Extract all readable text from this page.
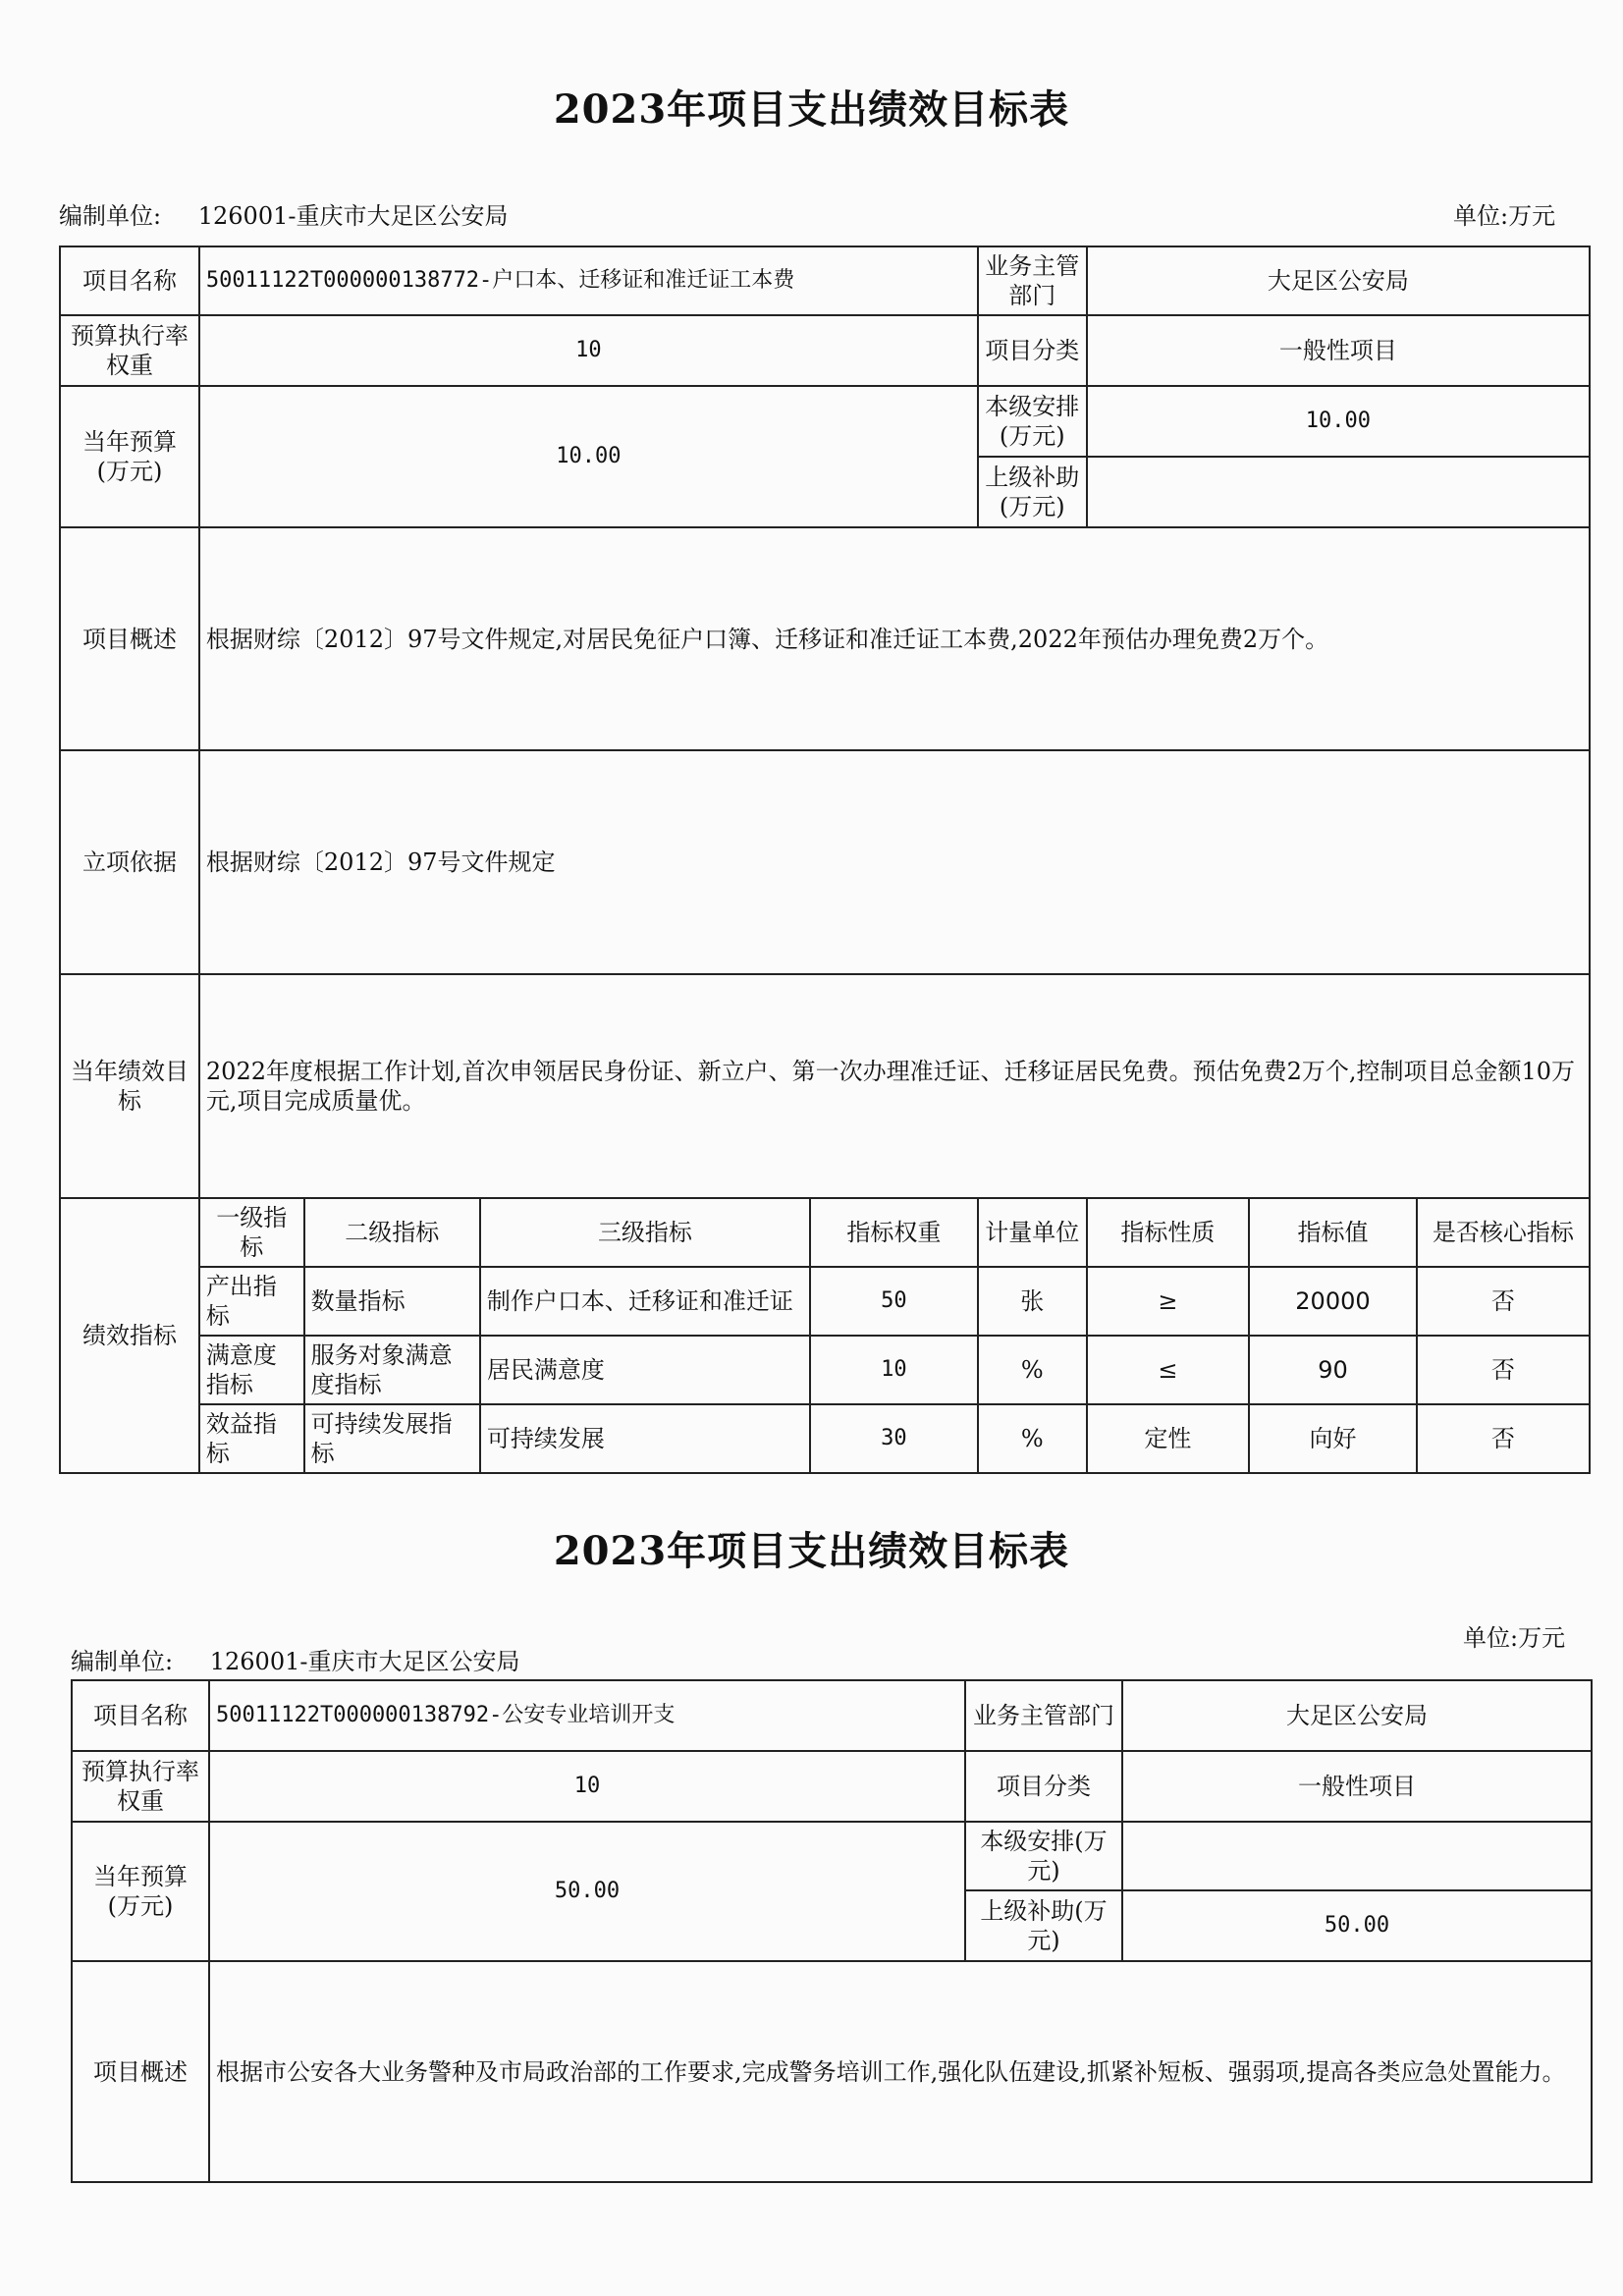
2023年项目支出绩效目标表
编制单位: 126001-重庆市大足区公安局	单位:万元
项目名称	50011122T000000138772-户口本、迁移证和准迁证工本费				业务主管部门	大足区公安局		
预算执行率权重	10				项目分类	一般性项目		
当年预算(万元)	10.00				本级安排(万元)	10.00		
					上级补助(万元)			
项目概述	根据财综〔2012〕97号文件规定,对居民免征户口簿、迁移证和准迁证工本费,2022年预估办理免费2万个。							
立项依据	根据财综〔2012〕97号文件规定							
当年绩效目标	2022年度根据工作计划,首次申领居民身份证、新立户、第一次办理准迁证、迁移证居民免费。预估免费2万个,控制项目总金额10万元,项目完成质量优。							
绩效指标	一级指标	二级指标	三级指标	指标权重	计量单位	指标性质	指标值	是否核心指标
	产出指标	数量指标	制作户口本、迁移证和准迁证	50	张	≥	20000	否
	满意度指标	服务对象满意度指标	居民满意度	10	%	≤	90	否
	效益指标	可持续发展指标	可持续发展	30	%	定性	向好	否
2023年项目支出绩效目标表
编制单位: 126001-重庆市大足区公安局
单位:万元
项目名称	50011122T000000138792-公安专业培训开支	业务主管部门	大足区公安局
预算执行率权重	10	项目分类	一般性项目
当年预算(万元)	50.00	本级安排(万元)	
		上级补助(万元)	50.00
项目概述	根据市公安各大业务警种及市局政治部的工作要求,完成警务培训工作,强化队伍建设,抓紧补短板、强弱项,提高各类应急处置能力。		
